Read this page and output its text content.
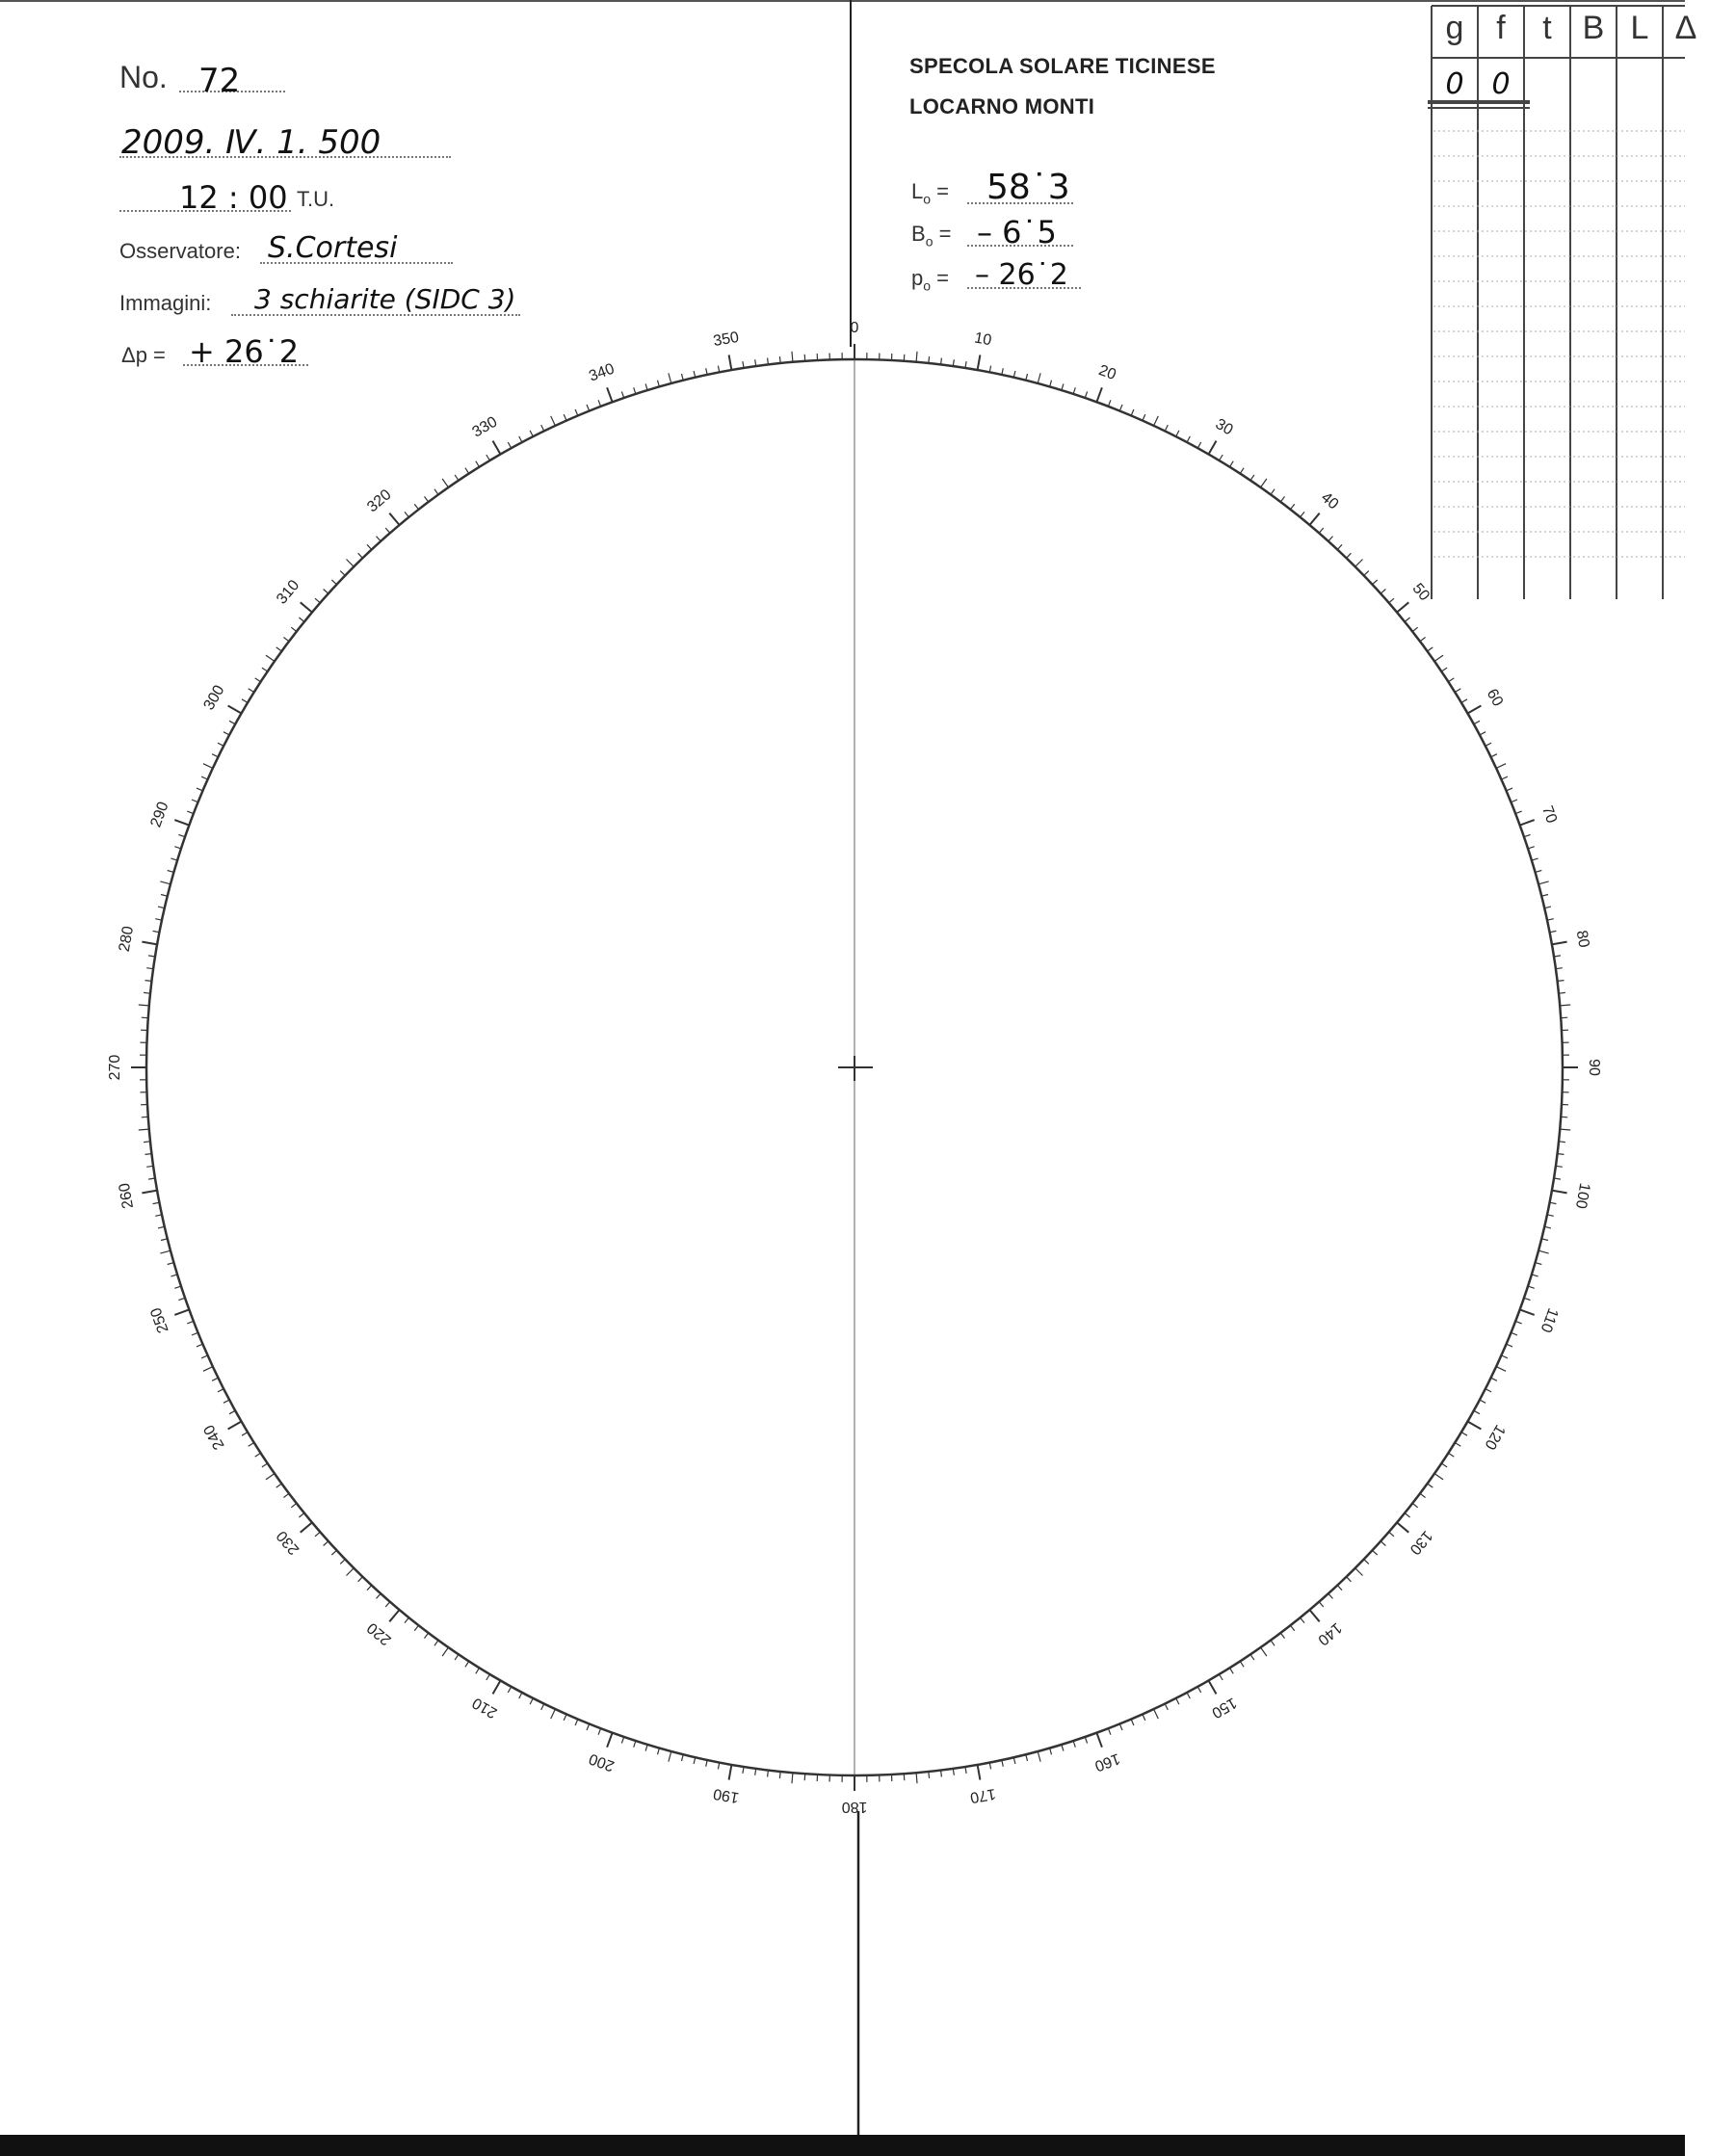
No. 72
2009. Ⅳ. 1. 500
12 : 00 T.U.
Osservatore: S.Cortesi
Immagini: 3 schiarite (SIDC 3)
Δp = + 26˙2
SPECOLA SOLARE TICINESE
LOCARNO MONTI
$L_o$ = 58˙3
$B_o$ = – 6˙5
$p_o$ = – 26˙2
g f	t B L Δ
0 0
0
10
20
30
40
50
60
70
80
90
100
110
120
130
140
150
160
170
180
190
200
210
220
230
240
250
260
270
280
290
300
310
320
330
340
350
